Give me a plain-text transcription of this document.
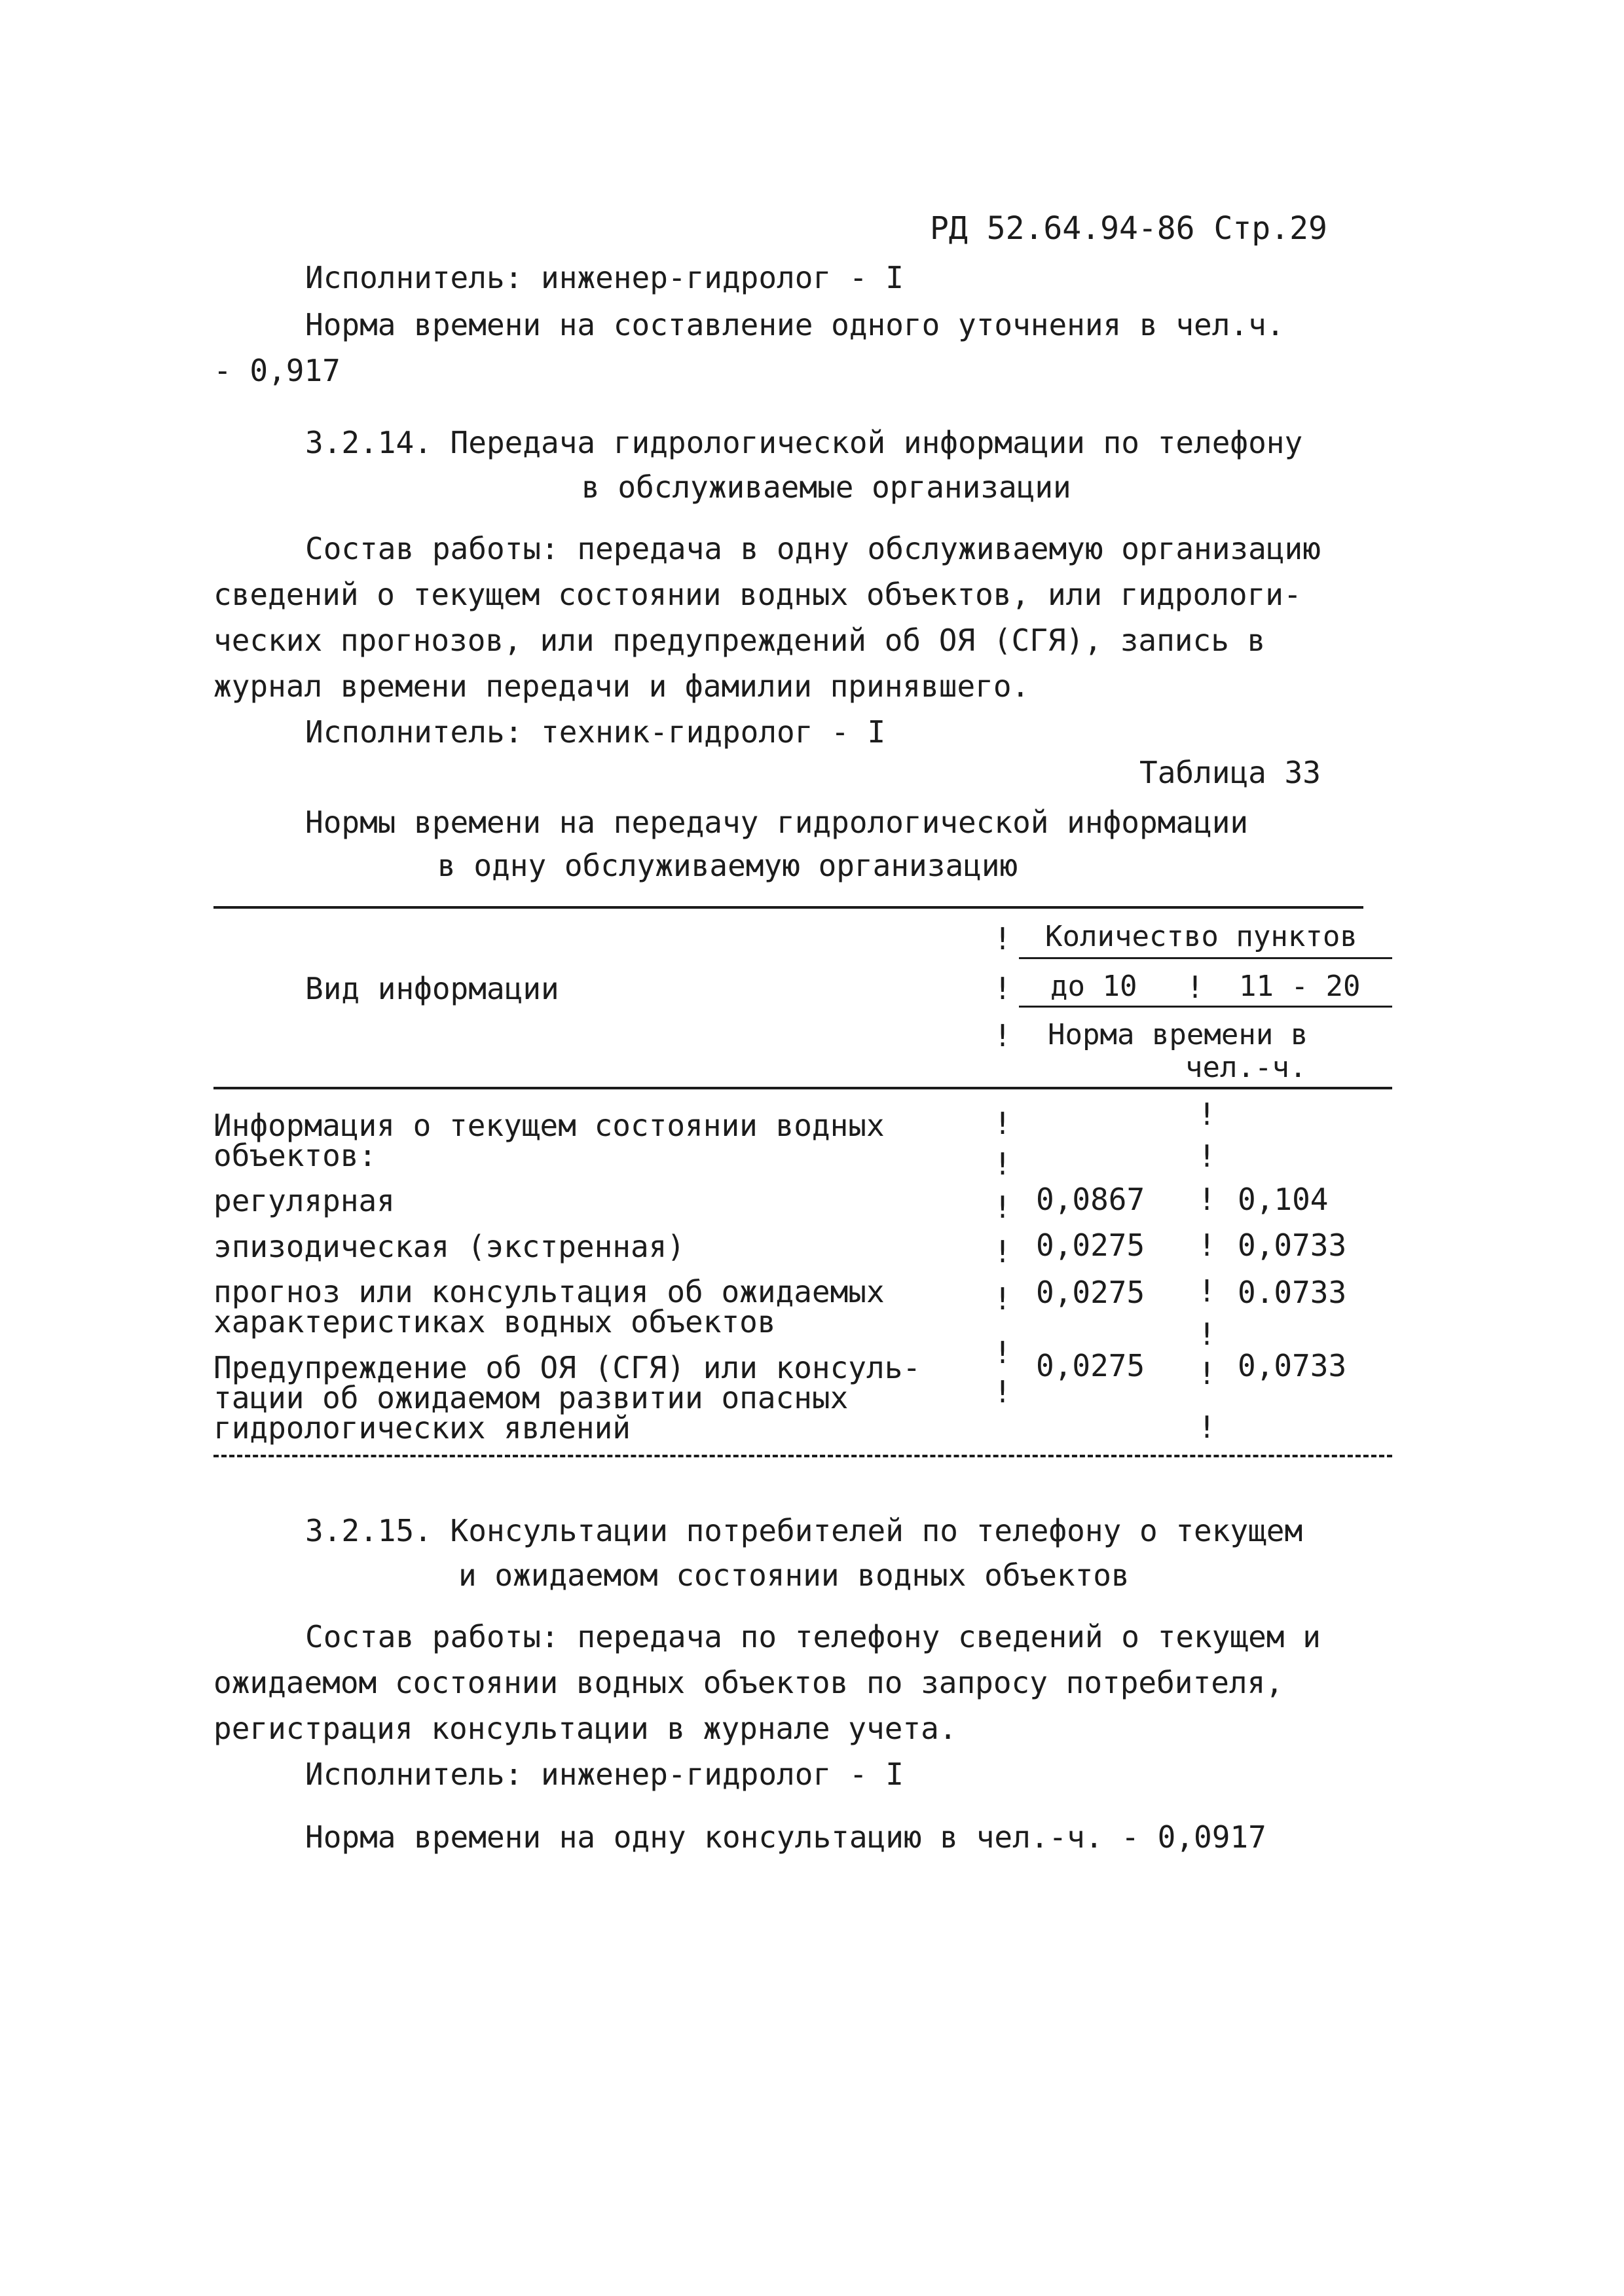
РД 52.64.94-86 Стр.29
Исполнитель: инженер-гидролог - I
Норма времени на составление одного уточнения в чел.ч.
- 0,917
3.2.14. Передача гидрологической информации по телефону
в обслуживаемые организации
Состав работы: передача в одну обслуживаемую организацию
сведений о текущем состоянии водных объектов, или гидрологи-
ческих прогнозов, или предупреждений об ОЯ (СГЯ), запись в
журнал времени передачи и фамилии принявшего.
Исполнитель: техник-гидролог - I
Таблица 33
Нормы времени на передачу гидрологической информации
в одну обслуживаемую организацию
Вид информации
Количество пунктов
до 10	11 - 20
Норма времени в
чел.-ч.
!
!
!
!
Информация о текущем состоянии водных
объектов:
регулярная	0,0867	0,104
эпизодическая (экстренная)	0,0275	0,0733
прогноз или консультация об ожидаемых
характеристиках водных объектов
0,0275	0.0733
Предупреждение об ОЯ (СГЯ) или консуль-
тации об ожидаемом развитии опасных
гидрологических явлений
0,0275	0,0733
!
!
!
!
!
!
!
!
!
!
!
!
!
!
!
3.2.15. Консультации потребителей по телефону о текущем
и ожидаемом состоянии водных объектов
Состав работы: передача по телефону сведений о текущем и
ожидаемом состоянии водных объектов по запросу потребителя,
регистрация консультации в журнале учета.
Исполнитель: инженер-гидролог - I
Норма времени на одну консультацию в чел.-ч. - 0,0917
